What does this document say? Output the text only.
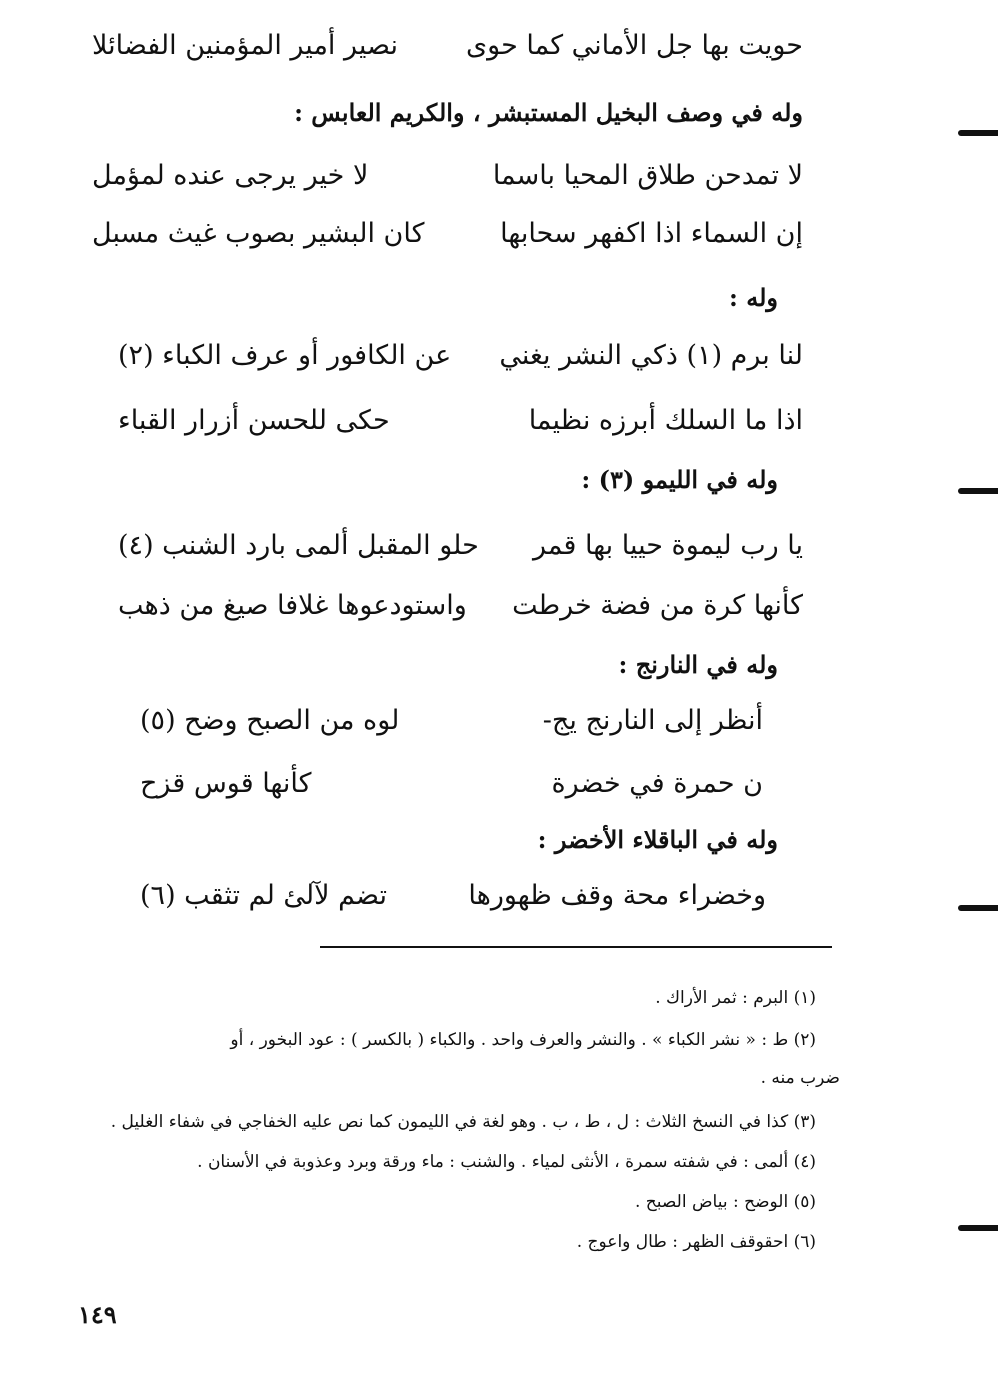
حويت بها جل الأماني كما حوى
نصير أمير المؤمنين الفضائلا
وله في وصف البخيل المستبشر ، والكريم العابس :
لا تمدحن طلاق المحيا باسما
لا خير يرجى عنده لمؤمل
إن السماء اذا اكفهر سحابها
كان البشير بصوب غيث مسبل
وله :
لنا برم (١) ذكي النشر يغني
عن الكافور أو عرف الكباء (٢)
اذا ما السلك أبرزه نظيما
حكى للحسن أزرار القباء
وله في الليمو (٣) :
يا رب ليموة حييا بها قمر
حلو المقبل ألمى بارد الشنب (٤)
كأنها كرة من فضة خرطت
واستودعوها غلافا صيغ من ذهب
وله في النارنج :
أنظر إلى النارنج يج-
لوه من الصبح وضح (٥)
ن حمرة في خضرة
كأنها قوس قزح
وله في الباقلاء الأخضر :
وخضراء محة وقف ظهورها
تضم لآلئ لم تثقب (٦)
(١) البرم : ثمر الأراك .
(٢) ط : « نشر الكباء » . والنشر والعرف واحد . والكباء ( بالكسر ) : عود البخور ، أو
ضرب منه .
(٣) كذا في النسخ الثلاث : ل ، ط ، ب . وهو لغة في الليمون كما نص عليه الخفاجي في شفاء الغليل .
(٤) ألمى : في شفته سمرة ، الأنثى لمياء . والشنب : ماء ورقة وبرد وعذوبة في الأسنان .
(٥) الوضح : بياض الصبح .
(٦) احقوقف الظهر : طال واعوج .
١٤٩
